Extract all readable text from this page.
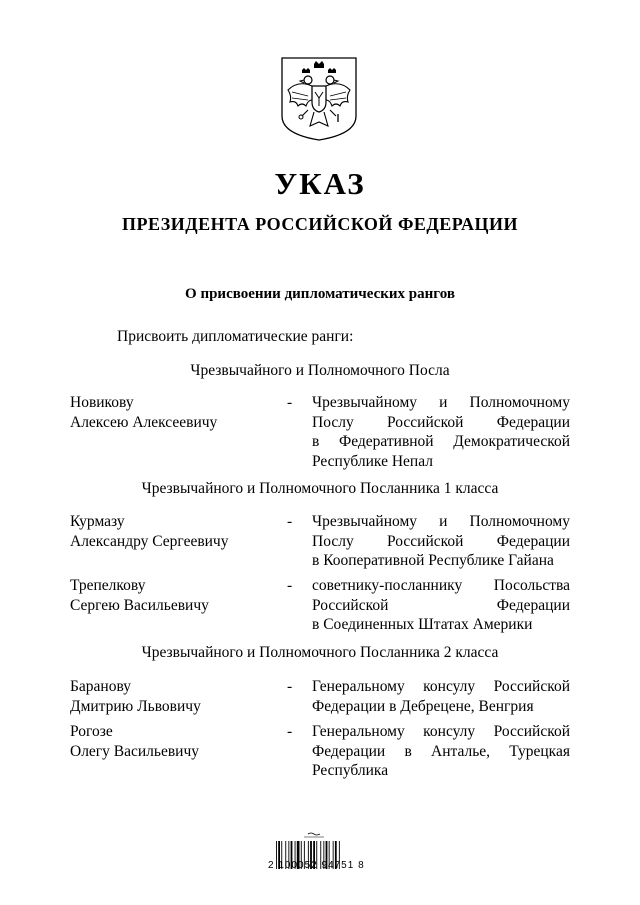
УКАЗ
ПРЕЗИДЕНТА РОССИЙСКОЙ ФЕДЕРАЦИИ
О присвоении дипломатических рангов
Присвоить дипломатические ранги:
Чрезвычайного и Полномочного Посла
Новикову
Алексею Алексеевичу
- Чрезвычайному и Полномочному
Послу Российской Федерации
в Федеративной Демократической
Республике Непал
Чрезвычайного и Полномочного Посланника 1 класса
Курмазу
Александру Сергеевичу
- Чрезвычайному и Полномочному
Послу Российской Федерации
в Кооперативной Республике Гайана
Трепелкову
Сергею Васильевичу
- советнику-посланнику Посольства
Российской Федерации
в Соединенных Штатах Америки
Чрезвычайного и Полномочного Посланника 2 класса
Баранову
Дмитрию Львовичу
- Генеральному консулу Российской
Федерации в Дебрецене, Венгрия
Рогозе
Олегу Васильевичу
- Генеральному консулу Российской
Федерации в Анталье, Турецкая
Республика
2 100052 94751 8
